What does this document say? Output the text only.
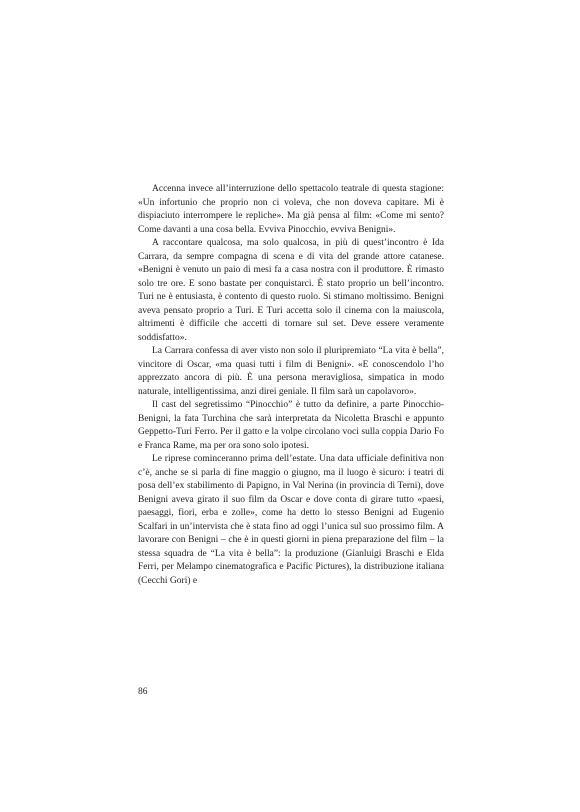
Accenna invece all’interruzione dello spettacolo teatrale di questa stagione: «Un infortunio che proprio non ci voleva, che non doveva capitare. Mi è dispiaciuto interrompere le repliche». Ma già pensa al film: «Come mi sento? Come davanti a una cosa bella. Evviva Pinocchio, evviva Benigni».

A raccontare qualcosa, ma solo qualcosa, in più di quest’incontro è Ida Carrara, da sempre compagna di scena e di vita del grande attore catanese. «Benigni è venuto un paio di mesi fa a casa nostra con il produttore. È rimasto solo tre ore. E sono bastate per conquistarci. È stato proprio un bell’incontro. Turi ne è entusiasta, è contento di questo ruolo. Si stimano moltissimo. Benigni aveva pensato proprio a Turi. E Turi accetta solo il cinema con la maiuscola, altrimenti è difficile che accetti di tornare sul set. Deve essere veramente soddisfatto».

La Carrara confessa di aver visto non solo il pluripremiato “La vita è bella”, vincitore di Oscar, «ma quasi tutti i film di Benigni». «E conoscendolo l’ho apprezzato ancora di più. È una persona meravigliosa, simpatica in modo naturale, intelligentissima, anzi direi geniale. Il film sarà un capolavoro».

Il cast del segretissimo “Pinocchio” è tutto da definire, a parte Pinocchio-Benigni, la fata Turchina che sarà interpretata da Nicoletta Braschi e appunto Geppetto-Turi Ferro. Per il gatto e la volpe circolano voci sulla coppia Dario Fo e Franca Rame, ma per ora sono solo ipotesi.

Le riprese cominceranno prima dell’estate. Una data ufficiale definitiva non c’è, anche se si parla di fine maggio o giugno, ma il luogo è sicuro: i teatri di posa dell’ex stabilimento di Papigno, in Val Nerina (in provincia di Terni), dove Benigni aveva girato il suo film da Oscar e dove conta di girare tutto «paesi, paesaggi, fiori, erba e zolle», come ha detto lo stesso Benigni ad Eugenio Scalfari in un’intervista che è stata fino ad oggi l’unica sul suo prossimo film. A lavorare con Benigni – che è in questi giorni in piena preparazione del film – la stessa squadra de “La vita è bella”: la produzione (Gianluigi Braschi e Elda Ferri, per Melampo cinematografica e Pacific Pictures), la distribuzione italiana (Cecchi Gori) e

86
